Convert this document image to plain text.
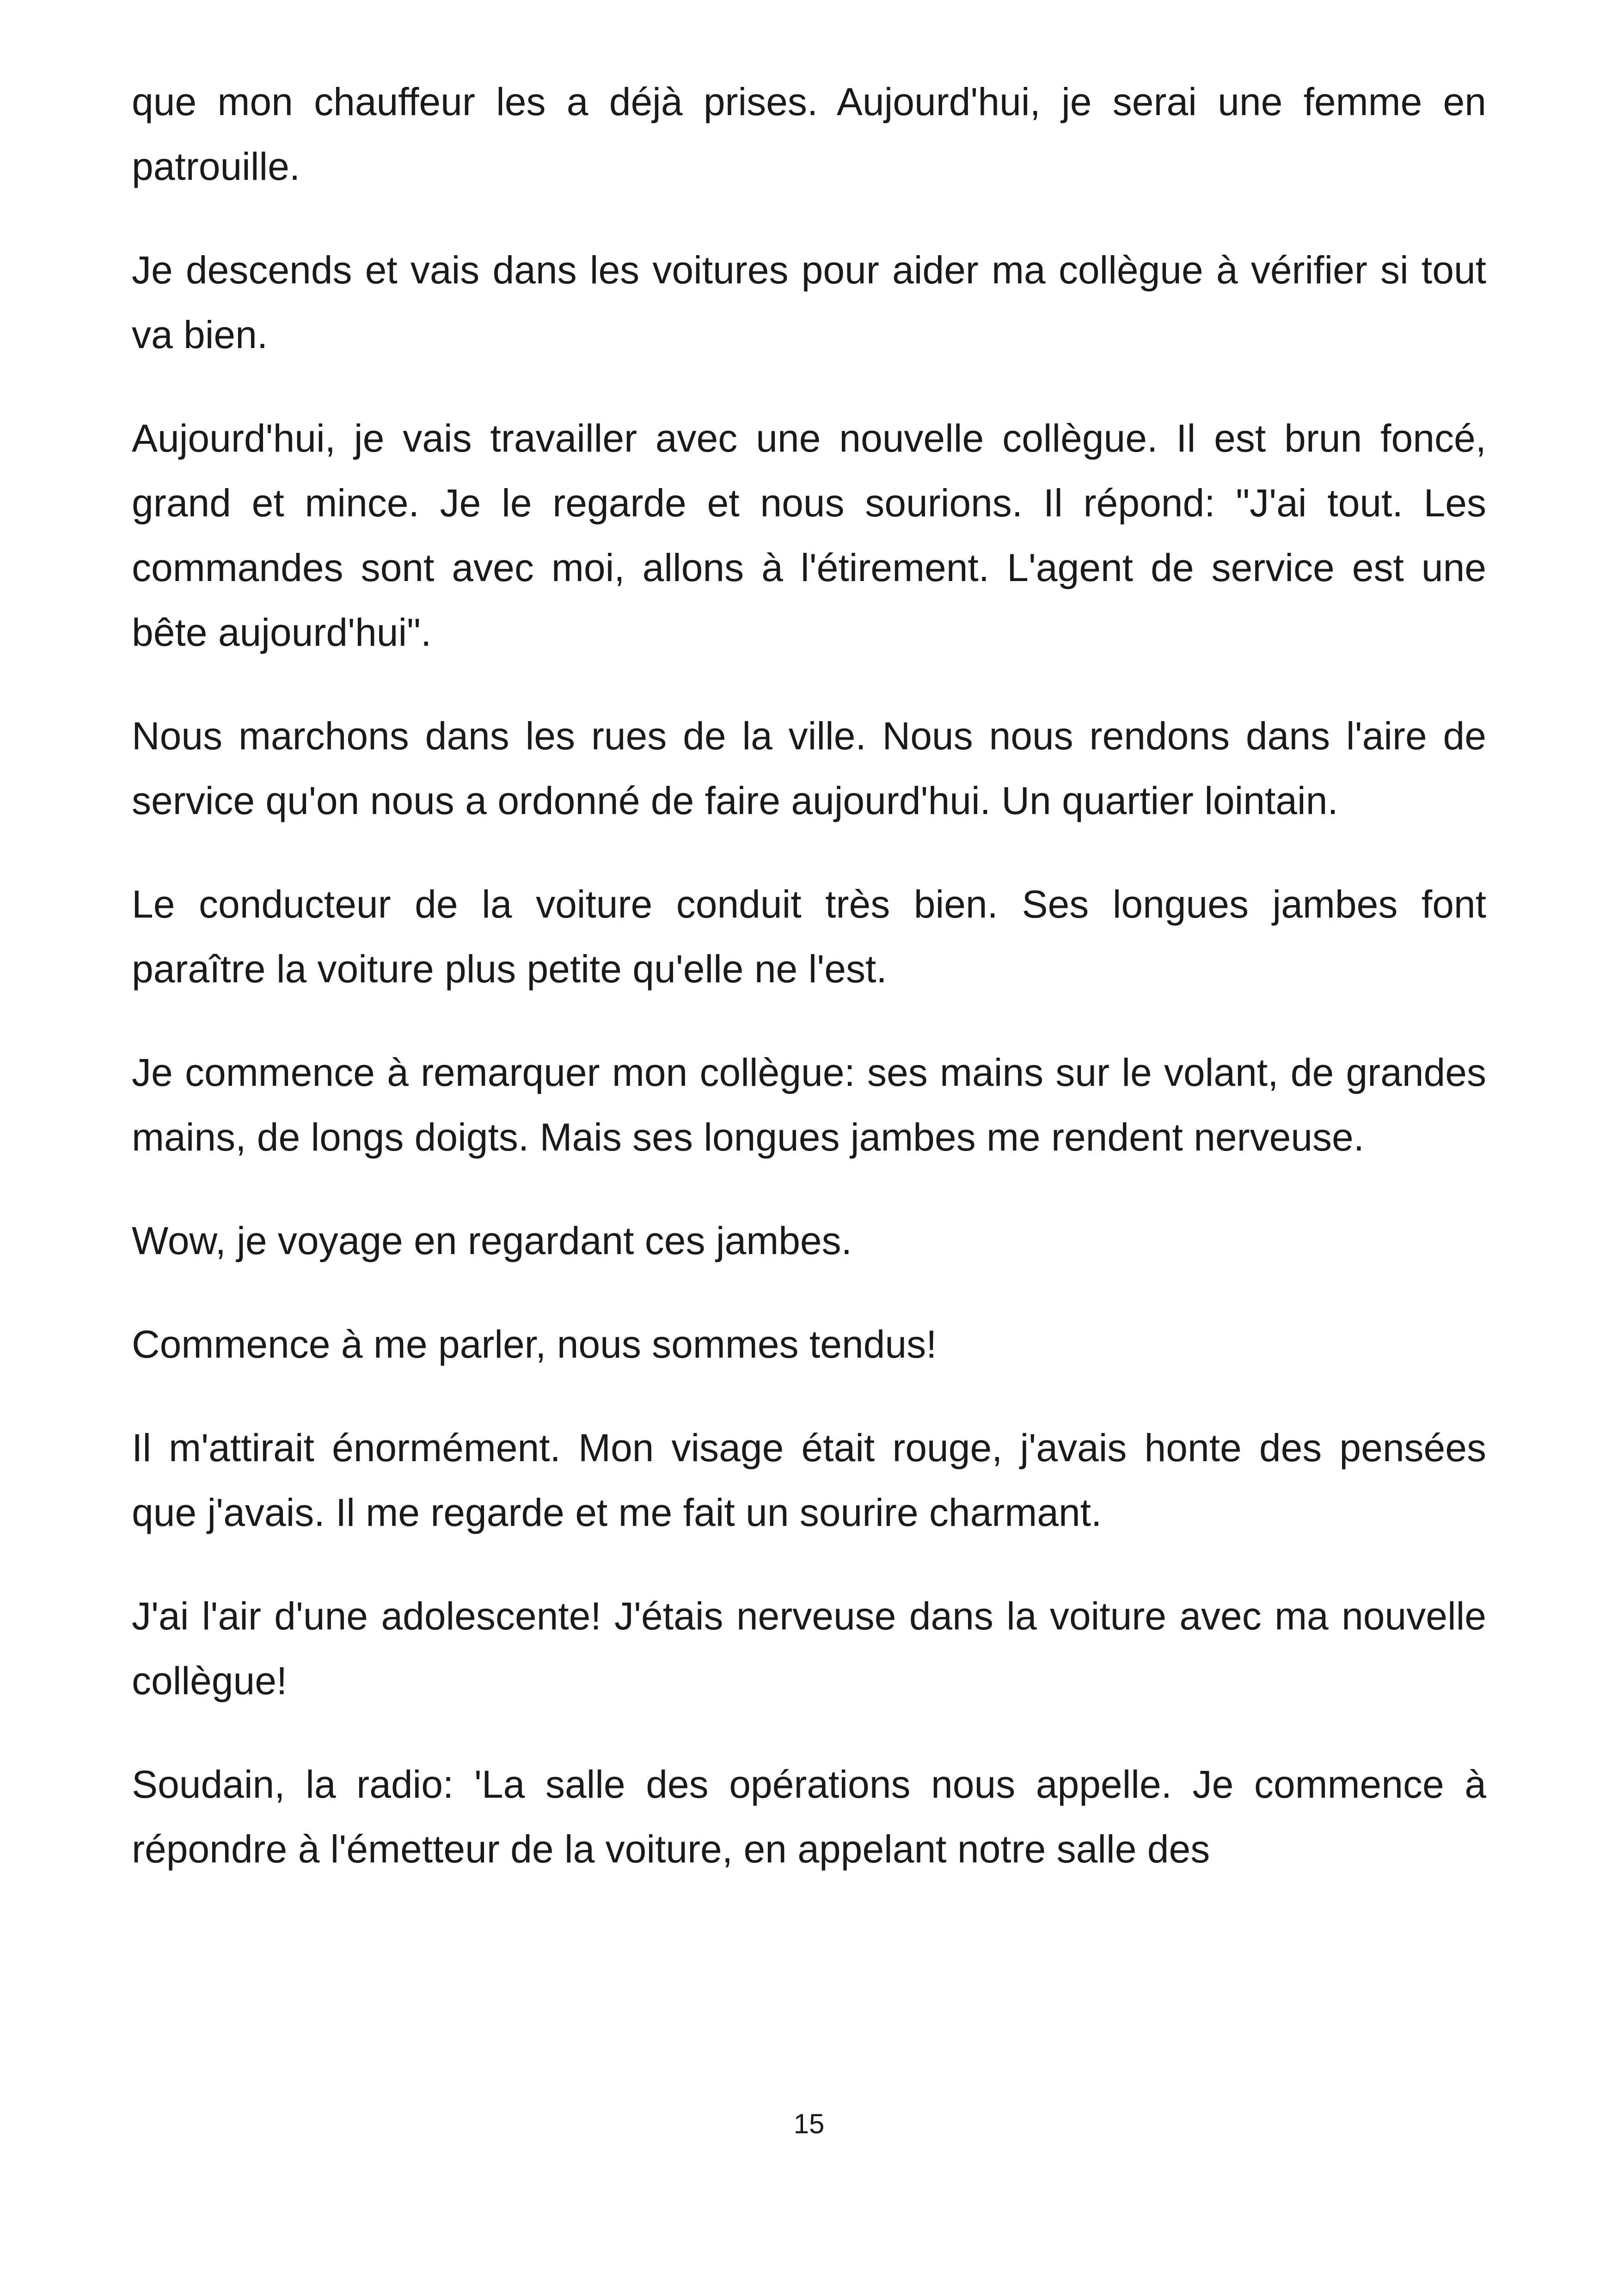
que mon chauffeur les a déjà prises. Aujourd'hui, je serai une femme en patrouille.

Je descends et vais dans les voitures pour aider ma collègue à vérifier si tout va bien.

Aujourd'hui, je vais travailler avec une nouvelle collègue. Il est brun foncé, grand et mince. Je le regarde et nous sourions. Il répond: "J'ai tout. Les commandes sont avec moi, allons à l'étirement. L'agent de service est une bête aujourd'hui".

Nous marchons dans les rues de la ville. Nous nous rendons dans l'aire de service qu'on nous a ordonné de faire aujourd'hui. Un quartier lointain.

Le conducteur de la voiture conduit très bien. Ses longues jambes font paraître la voiture plus petite qu'elle ne l'est.

Je commence à remarquer mon collègue: ses mains sur le volant, de grandes mains, de longs doigts. Mais ses longues jambes me rendent nerveuse.

Wow, je voyage en regardant ces jambes.

Commence à me parler, nous sommes tendus!

Il m'attirait énormément. Mon visage était rouge, j'avais honte des pensées que j'avais. Il me regarde et me fait un sourire charmant.

J'ai l'air d'une adolescente! J'étais nerveuse dans la voiture avec ma nouvelle collègue!

Soudain, la radio: 'La salle des opérations nous appelle. Je commence à répondre à l'émetteur de la voiture, en appelant notre salle des

15
